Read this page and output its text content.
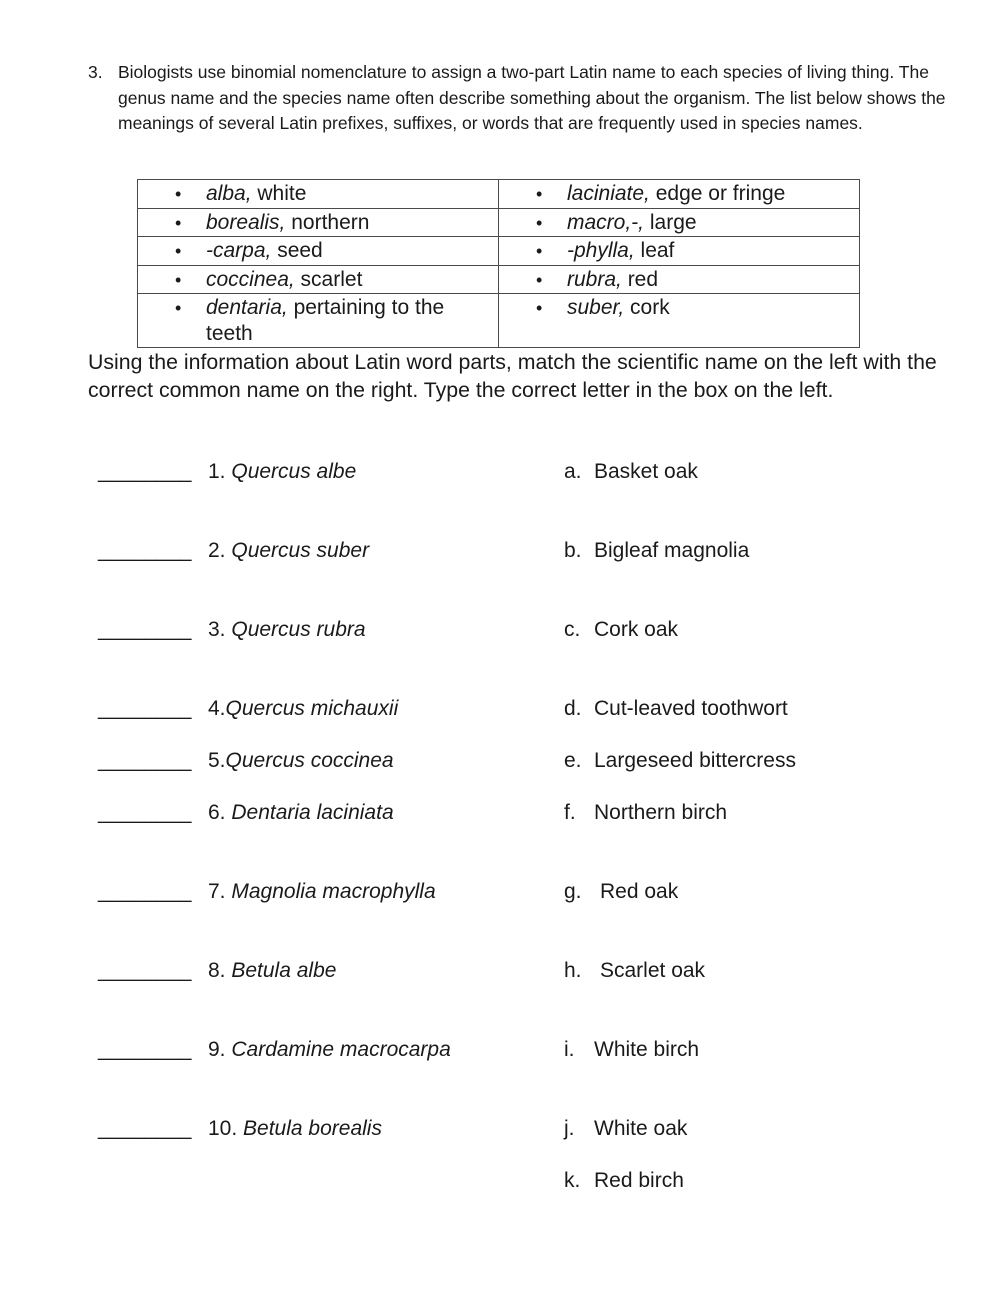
3. Biologists use binomial nomenclature to assign a two-part Latin name to each species of living thing. The genus name and the species name often describe something about the organism. The list below shows the meanings of several Latin prefixes, suffixes, or words that are frequently used in species names.
• alba, white	• laciniate, edge or fringe

• borealis, northern	• macro,-, large

• -carpa, seed	• -phylla, leaf

• coccinea, scarlet	• rubra, red

• dentaria, pertaining to the teeth	• suber, cork
Using the information about Latin word parts, match the scientific name on the left with the correct common name on the right. Type the correct letter in the box on the left.
________ 1. Quercus albe	a. Basket oak
________ 2. Quercus suber	b. Bigleaf magnolia
________ 3. Quercus rubra	c. Cork oak
________ 4.Quercus michauxii	d. Cut-leaved toothwort
________ 5.Quercus coccinea	e. Largeseed bittercress
________ 6. Dentaria laciniata	f. Northern birch
________ 7. Magnolia macrophylla	g. Red oak
________ 8. Betula albe	h. Scarlet oak
________ 9. Cardamine macrocarpa	i. White birch
________ 10. Betula borealis	j. White oak
k. Red birch
